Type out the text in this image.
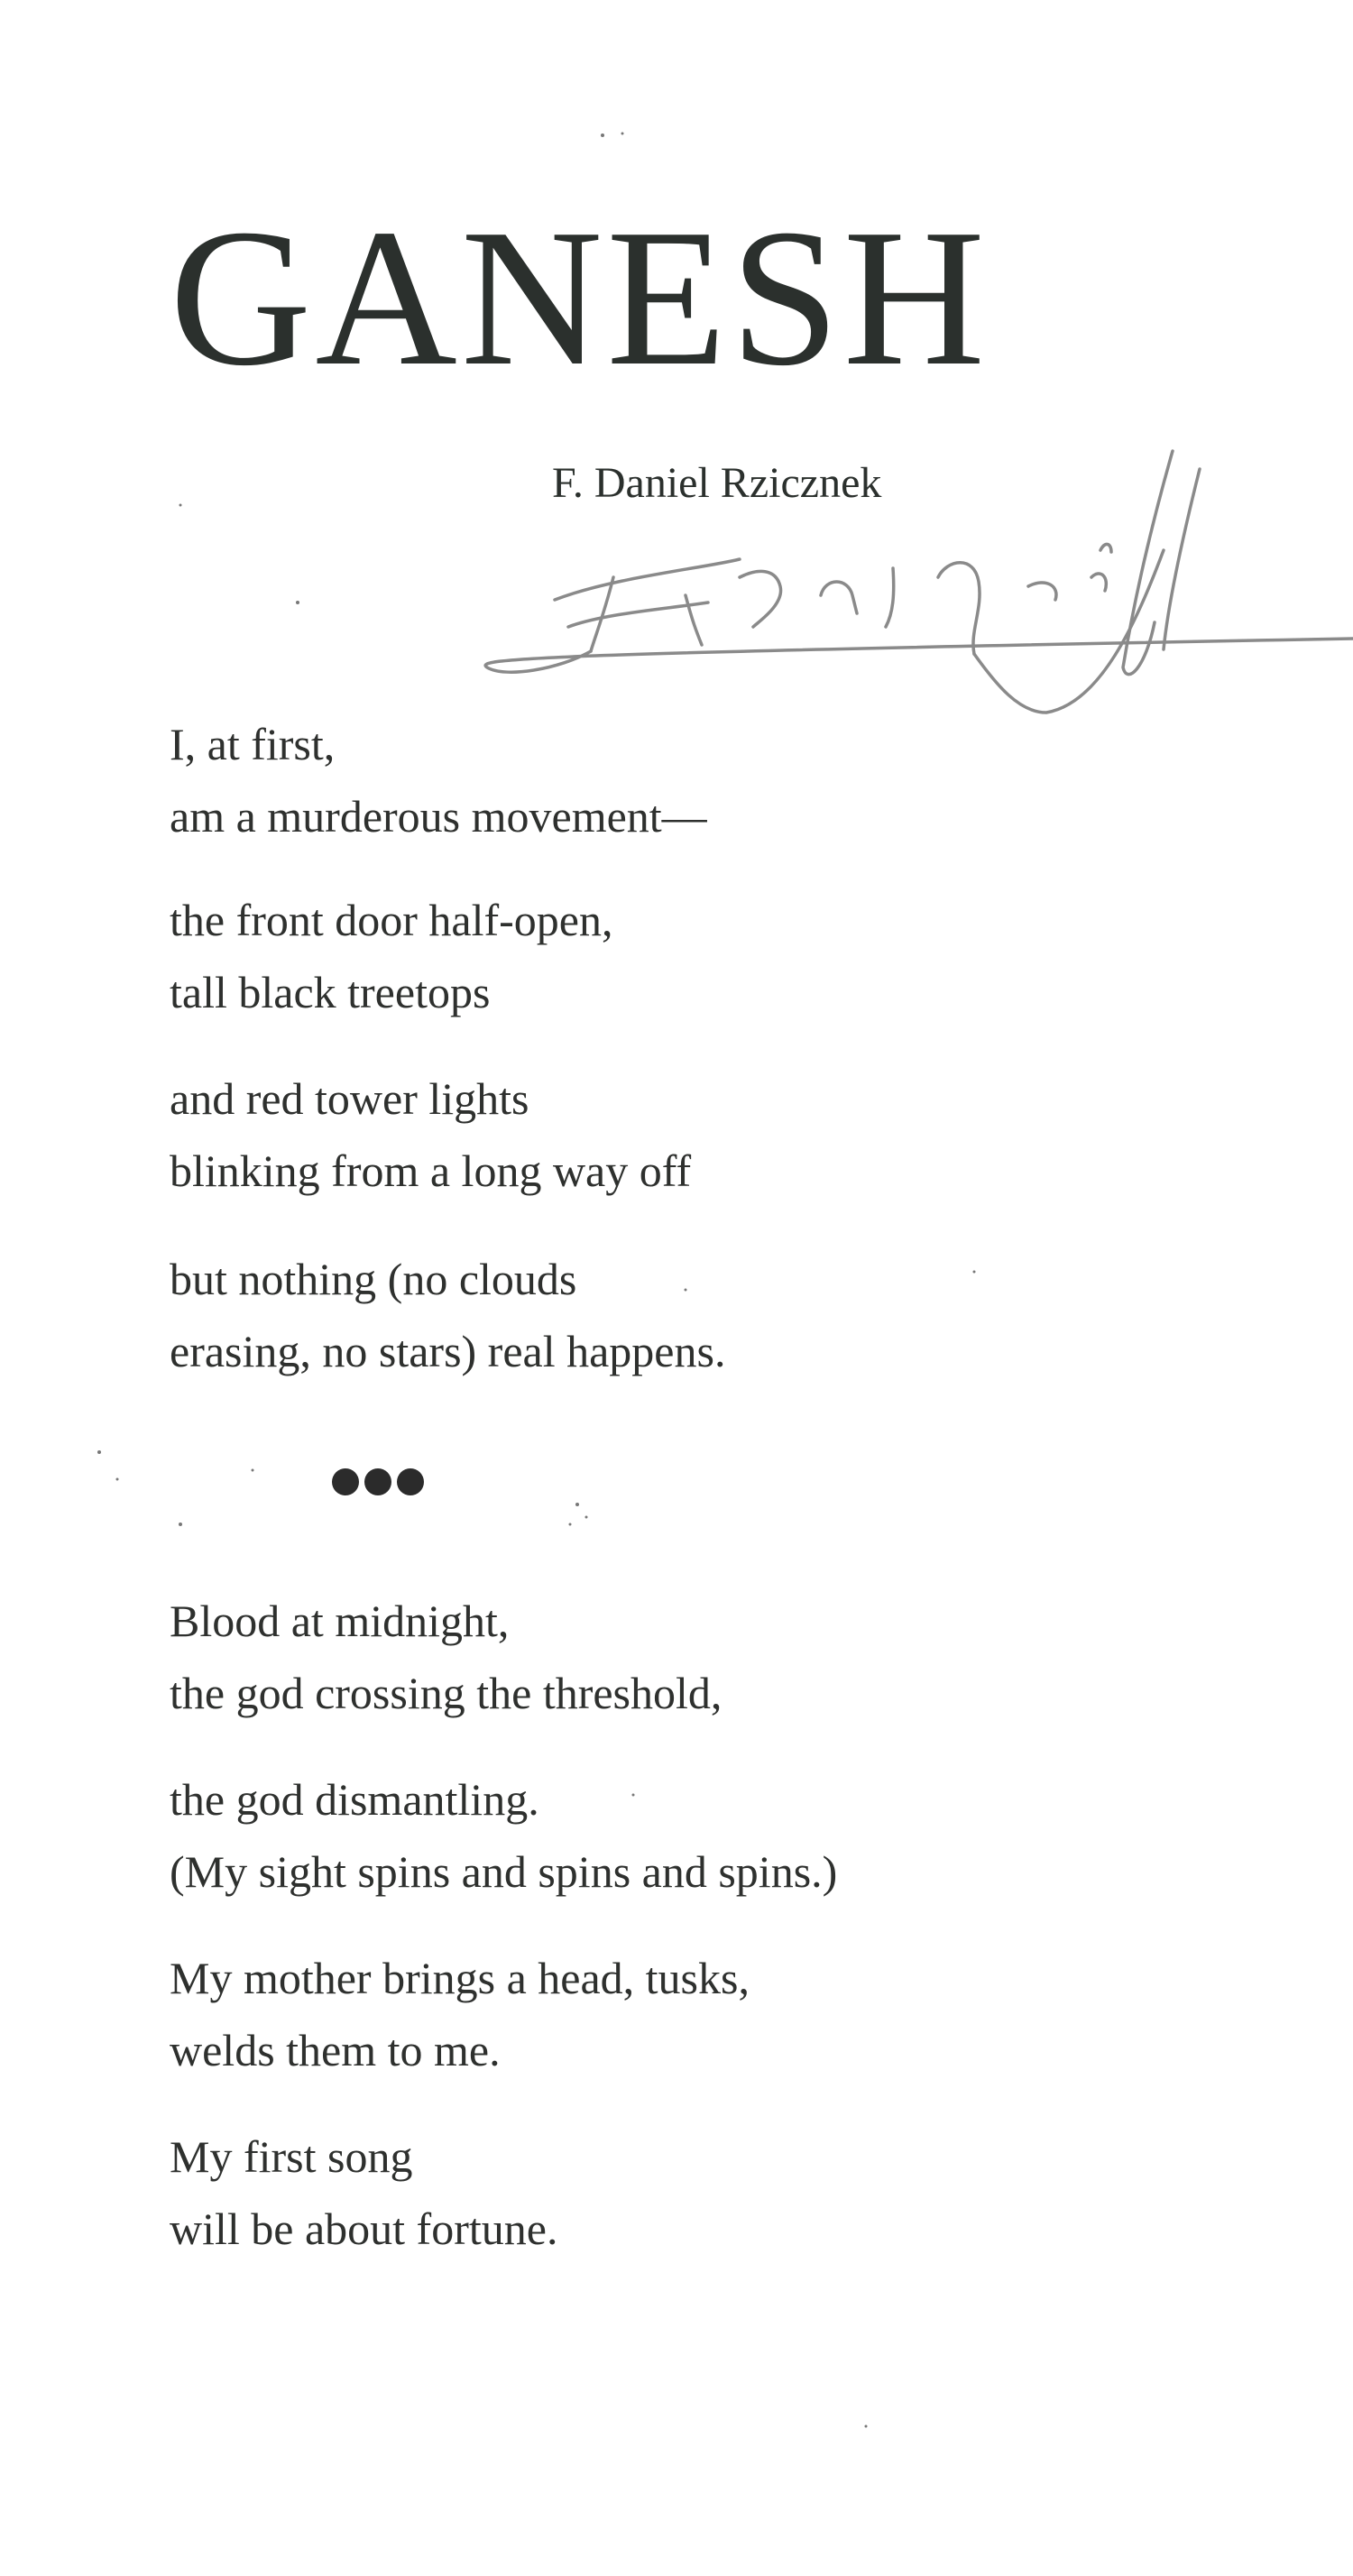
GANESH
F. Daniel Rzicznek
I, at first,
am a murderous movement—
the front door half-open,
tall black treetops
and red tower lights
blinking from a long way off
but nothing (no clouds
erasing, no stars) real happens.
Blood at midnight,
the god crossing the threshold,
the god dismantling.
(My sight spins and spins and spins.)
My mother brings a head, tusks,
welds them to me.
My first song
will be about fortune.
